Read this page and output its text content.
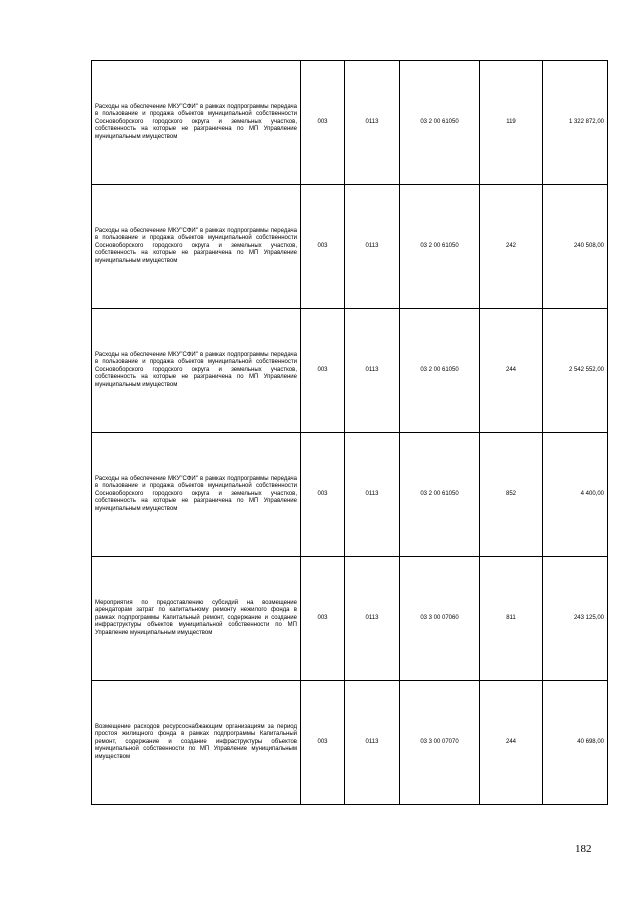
Расходы на обеспечение МКУ"СФИ" в рамках подпрограммы передача в пользование и продажа объектов муниципальной собственности Сосновоборского городского округа и земельных участков, собственность на которые не разграничена по МП Управление муниципальным имуществом	003	0113	03 2 00 61050	119	1 322 872,00
Расходы на обеспечение МКУ"СФИ" в рамках подпрограммы передача в пользование и продажа объектов муниципальной собственности Сосновоборского городского округа и земельных участков, собственность на которые не разграничена по МП Управление муниципальным имуществом	003	0113	03 2 00 61050	242	240 508,00
Расходы на обеспечение МКУ"СФИ" в рамках подпрограммы передача в пользование и продажа объектов муниципальной собственности Сосновоборского городского округа и земельных участков, собственность на которые не разграничена по МП Управление муниципальным имуществом	003	0113	03 2 00 61050	244	2 542 552,00
Расходы на обеспечение МКУ"СФИ" в рамках подпрограммы передача в пользование и продажа объектов муниципальной собственности Сосновоборского городского округа и земельных участков, собственность на которые не разграничена по МП Управление муниципальным имуществом	003	0113	03 2 00 61050	852	4 400,00
Мероприятия по предоставлению субсидий на возмещение арендаторам затрат по капитальному ремонту нежилого фонда в рамках подпрограммы Капитальный ремонт, содержание и создание инфраструктуры объектов муниципальной собственности по МП Управление муниципальным имуществом	003	0113	03 3 00 07060	811	243 125,00
Возмещение расходов ресурсоснабжающим организациям за период простоя жилищного фонда в рамках подпрограммы Капитальный ремонт, содержание и создание инфраструктуры объектов муниципальной собственности по МП Управление муниципальным имуществом	003	0113	03 3 00 07070	244	40 698,00
182
